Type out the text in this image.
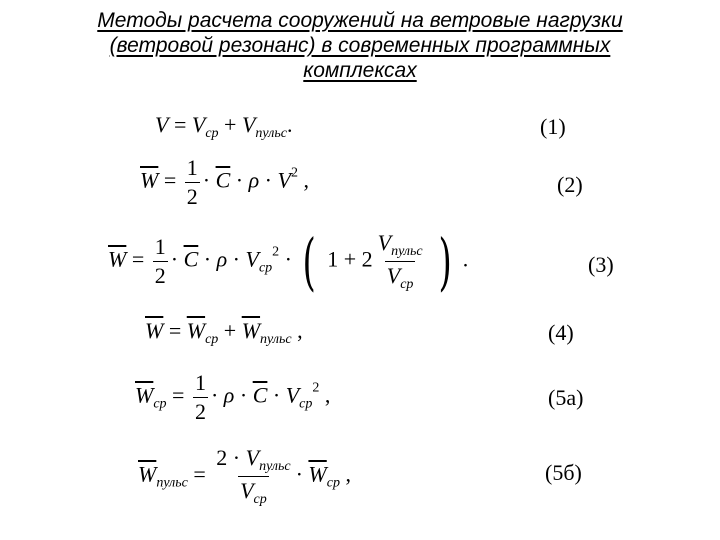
Методы расчета сооружений на ветровые нагрузки
(ветровой резонанс) в современных программных
комплексах
$V = V_{ср} + V_{пульс}$.	(1)
$\overline{W} = \frac{1}{2} \cdot \overline{C} \cdot \rho \cdot V^2$ ,	(2)
$\overline{W} = \frac{1}{2} \cdot \overline{C} \cdot \rho \cdot V_{ср}^2$ · ( $1 + 2 \frac{V_{пульс}}{V_{ср}}$ ) .	(3)
$\overline{W} = \overline{W}_{ср} + \overline{W}_{пульс}$ ,	(4)
$\overline{W}_{ср} = \frac{1}{2} \cdot \rho \cdot \overline{C} \cdot V_{ср}^2$ ,	(5а)
$\overline{W}_{пульс} = \frac{2 \cdot V_{пульс}}{V_{ср}} \cdot \overline{W}_{ср}$ ,	(5б)
